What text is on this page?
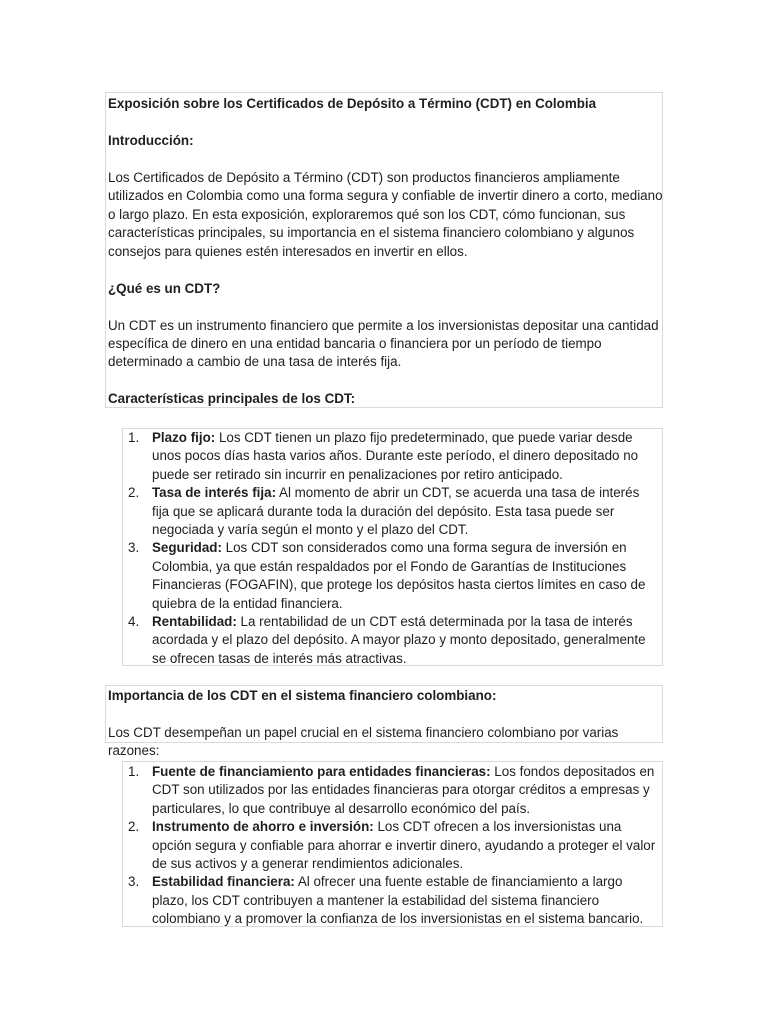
Exposición sobre los Certificados de Depósito a Término (CDT) en Colombia

Introducción:

Los Certificados de Depósito a Término (CDT) son productos financieros ampliamente utilizados en Colombia como una forma segura y confiable de invertir dinero a corto, mediano o largo plazo. En esta exposición, exploraremos qué son los CDT, cómo funcionan, sus características principales, su importancia en el sistema financiero colombiano y algunos consejos para quienes estén interesados en invertir en ellos.

¿Qué es un CDT?

Un CDT es un instrumento financiero que permite a los inversionistas depositar una cantidad específica de dinero en una entidad bancaria o financiera por un período de tiempo determinado a cambio de una tasa de interés fija.

Características principales de los CDT:

Plazo fijo: Los CDT tienen un plazo fijo predeterminado, que puede variar desde unos pocos días hasta varios años. Durante este período, el dinero depositado no puede ser retirado sin incurrir en penalizaciones por retiro anticipado.
Tasa de interés fija: Al momento de abrir un CDT, se acuerda una tasa de interés fija que se aplicará durante toda la duración del depósito. Esta tasa puede ser negociada y varía según el monto y el plazo del CDT.
Seguridad: Los CDT son considerados como una forma segura de inversión en Colombia, ya que están respaldados por el Fondo de Garantías de Instituciones Financieras (FOGAFIN), que protege los depósitos hasta ciertos límites en caso de quiebra de la entidad financiera.
Rentabilidad: La rentabilidad de un CDT está determinada por la tasa de interés acordada y el plazo del depósito. A mayor plazo y monto depositado, generalmente se ofrecen tasas de interés más atractivas.

Importancia de los CDT en el sistema financiero colombiano:

Los CDT desempeñan un papel crucial en el sistema financiero colombiano por varias razones:

Fuente de financiamiento para entidades financieras: Los fondos depositados en CDT son utilizados por las entidades financieras para otorgar créditos a empresas y particulares, lo que contribuye al desarrollo económico del país.
Instrumento de ahorro e inversión: Los CDT ofrecen a los inversionistas una opción segura y confiable para ahorrar e invertir dinero, ayudando a proteger el valor de sus activos y a generar rendimientos adicionales.
Estabilidad financiera: Al ofrecer una fuente estable de financiamiento a largo plazo, los CDT contribuyen a mantener la estabilidad del sistema financiero colombiano y a promover la confianza de los inversionistas en el sistema bancario.
